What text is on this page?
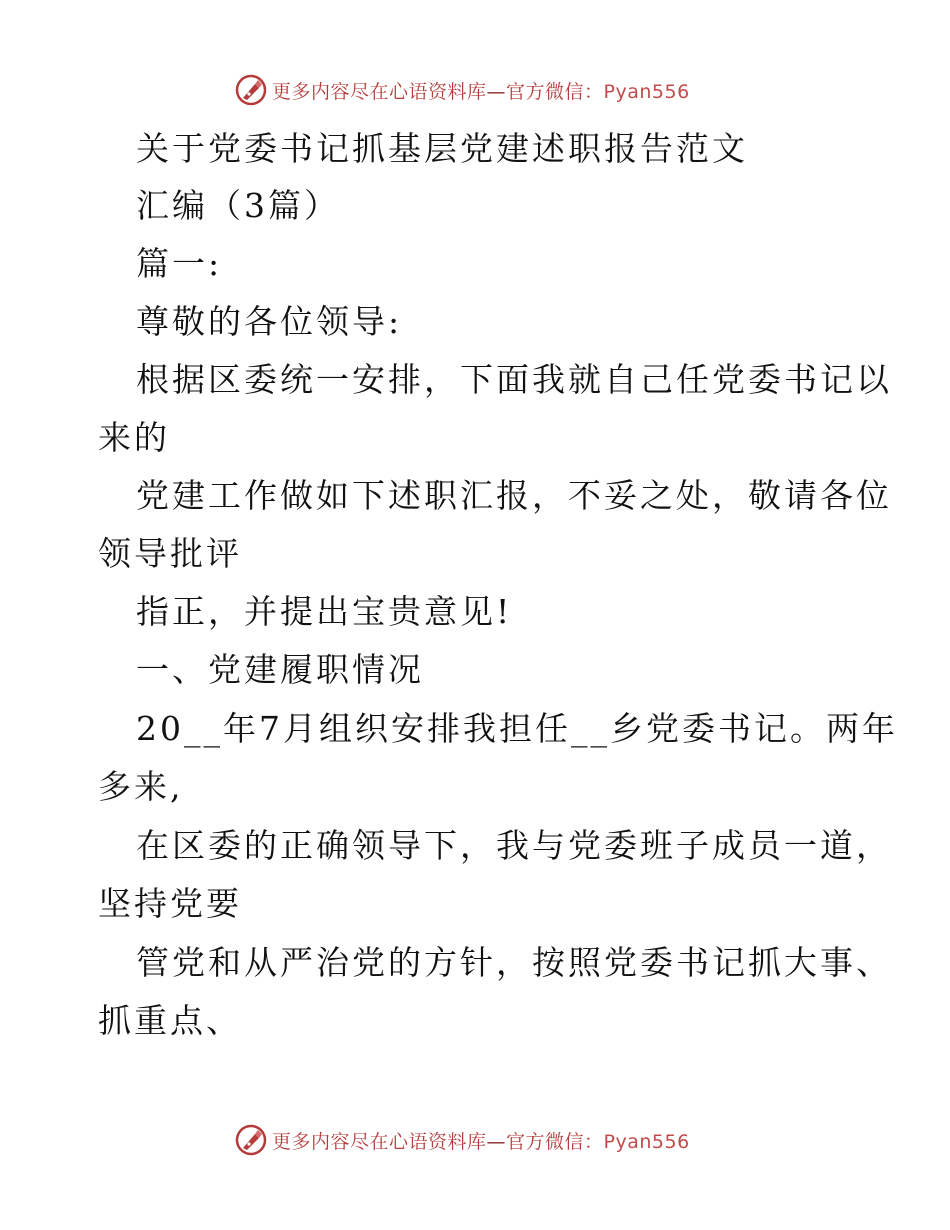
更多内容尽在心语资料库—官方微信：Pyan556
关于党委书记抓基层党建述职报告范文
汇编（3篇）
篇一:
尊敬的各位领导:
根据区委统一安排，下面我就自己任党委书记以
来的
党建工作做如下述职汇报，不妥之处，敬请各位
领导批评
指正，并提出宝贵意见!
一、党建履职情况
20__年7月组织安排我担任__乡党委书记。两年
多来,
在区委的正确领导下，我与党委班子成员一道，
坚持党要
管党和从严治党的方针，按照党委书记抓大事、
抓重点、
更多内容尽在心语资料库—官方微信：Pyan556
